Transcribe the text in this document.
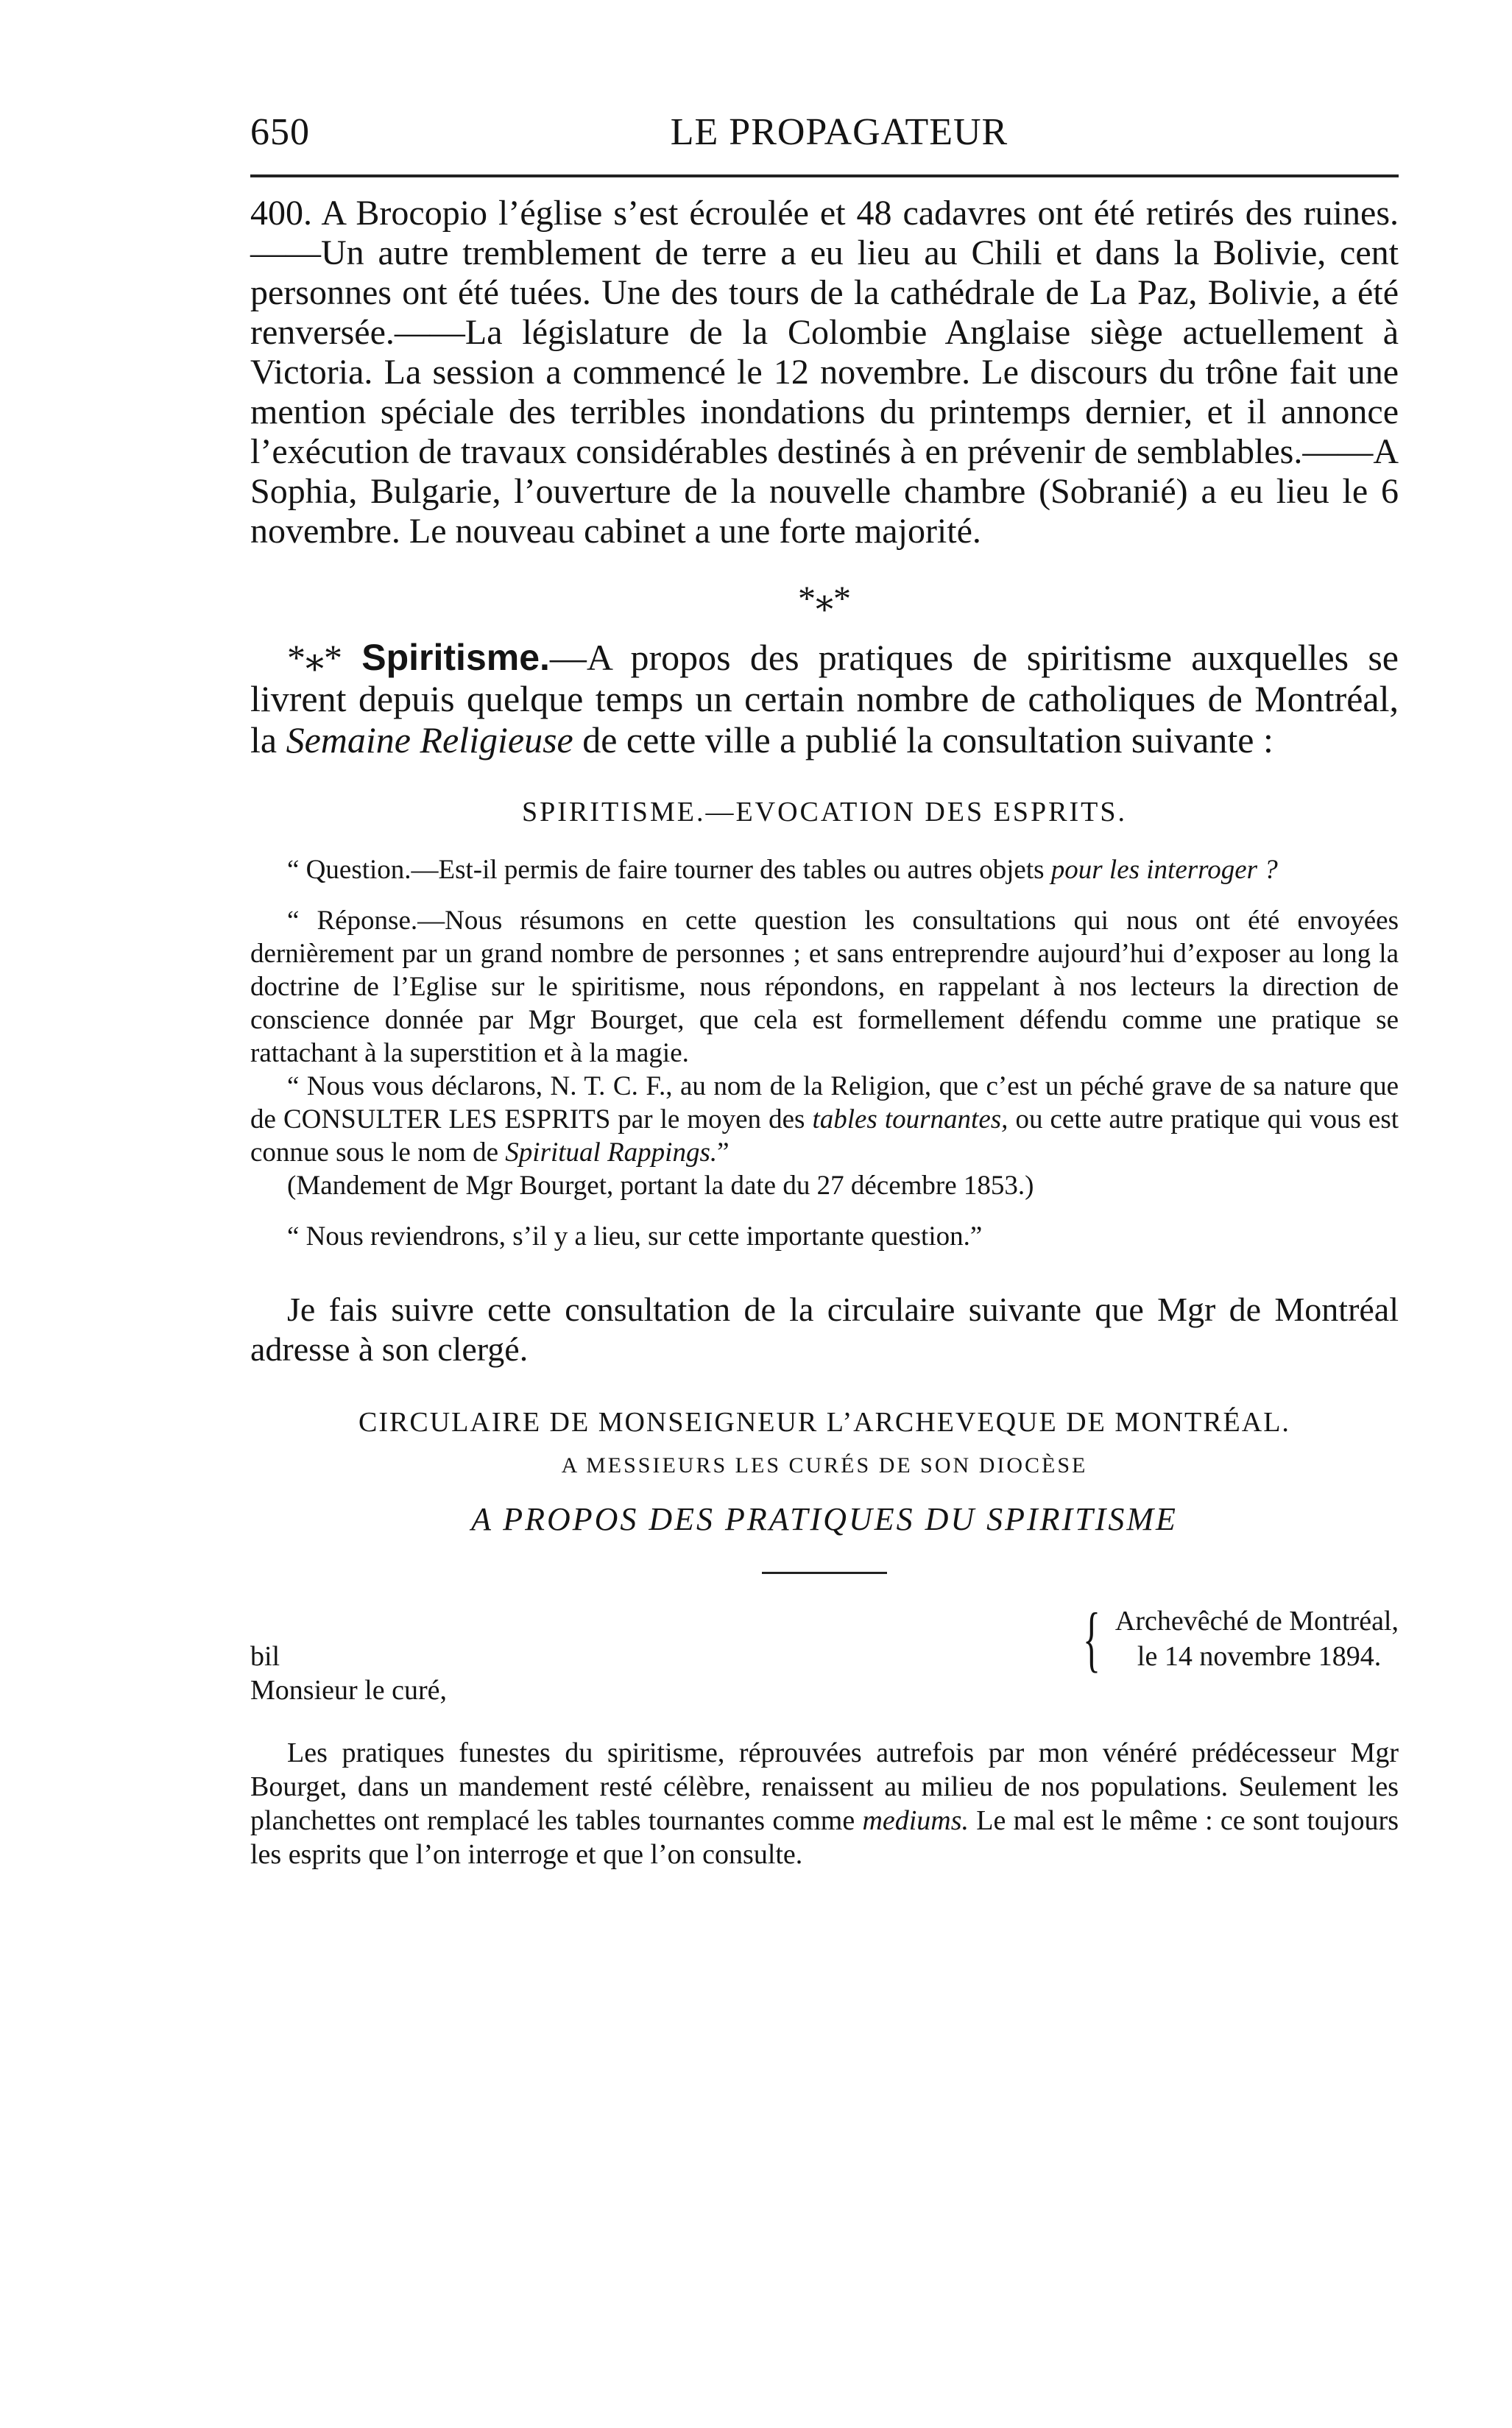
650	LE PROPAGATEUR

400. A Brocopio l’église s’est écroulée et 48 cadavres ont été retirés des ruines.——Un autre tremblement de terre a eu lieu au Chili et dans la Bolivie, cent personnes ont été tuées. Une des tours de la cathédrale de La Paz, Bolivie, a été renversée.——La législature de la Colombie Anglaise siège actuellement à Victoria. La session a commencé le 12 novembre. Le discours du trône fait une mention spéciale des terribles inondations du printemps dernier, et il annonce l’exécution de travaux considérables destinés à en prévenir de semblables.——A Sophia, Bulgarie, l’ouverture de la nouvelle chambre (Sobranié) a eu lieu le 6 novembre. Le nouveau cabinet a une forte majorité.

*⁎*

*⁎* Spiritisme.—A propos des pratiques de spiritisme auxquelles se livrent depuis quelque temps un certain nombre de catholiques de Montréal, la Semaine Religieuse de cette ville a publié la consultation suivante :

SPIRITISME.—EVOCATION DES ESPRITS.

“ Question.—Est-il permis de faire tourner des tables ou autres objets pour les interroger ?

“ Réponse.—Nous résumons en cette question les consultations qui nous ont été envoyées dernièrement par un grand nombre de personnes ; et sans entreprendre aujourd’hui d’exposer au long la doctrine de l’Eglise sur le spiritisme, nous répondons, en rappelant à nos lecteurs la direction de conscience donnée par Mgr Bourget, que cela est formellement défendu comme une pratique se rattachant à la superstition et à la magie.

“ Nous vous déclarons, N. T. C. F., au nom de la Religion, que c’est un péché grave de sa nature que de CONSULTER LES ESPRITS par le moyen des tables tournantes, ou cette autre pratique qui vous est connue sous le nom de Spiritual Rappings.”

(Mandement de Mgr Bourget, portant la date du 27 décembre 1853.)

“ Nous reviendrons, s’il y a lieu, sur cette importante question.”

Je fais suivre cette consultation de la circulaire suivante que Mgr de Montréal adresse à son clergé.

CIRCULAIRE DE MONSEIGNEUR L’ARCHEVEQUE DE MONTRÉAL.
A MESSIEURS LES CURÉS DE SON DIOCÈSE
A PROPOS DES PRATIQUES DU SPIRITISME
bil	{ Archevêché de Montréal,
le 14 novembre 1894.
Monsieur le curé,

Les pratiques funestes du spiritisme, réprouvées autrefois par mon vénéré prédécesseur Mgr Bourget, dans un mandement resté célèbre, renaissent au milieu de nos populations. Seulement les planchettes ont remplacé les tables tournantes comme mediums. Le mal est le même : ce sont toujours les esprits que l’on interroge et que l’on consulte.
